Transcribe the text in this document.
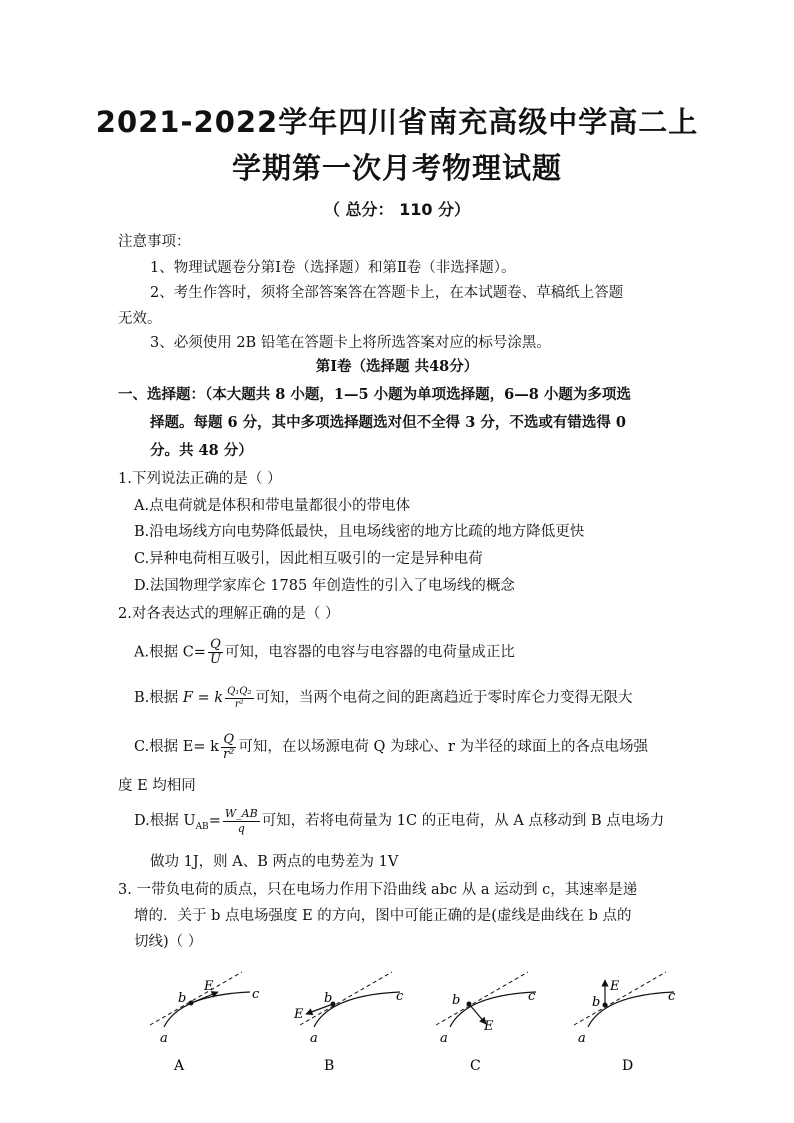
2021-2022学年四川省南充高级中学高二上
学期第一次月考物理试题
（ 总分： 110 分）
注意事项：
1、物理试题卷分第Ⅰ卷（选择题）和第Ⅱ卷（非选择题）。
2、考生作答时，须将全部答案答在答题卡上，在本试题卷、草稿纸上答题
无效。
3、必须使用 2B 铅笔在答题卡上将所选答案对应的标号涂黑。
第Ⅰ卷（选择题 共48分）
一、选择题：（本大题共 8 小题，1—5 小题为单项选择题，6—8 小题为多项选
择题。每题 6 分，其中多项选择题选对但不全得 3 分，不选或有错选得 0
分。共 48 分）
1.下列说法正确的是（ ）
A.点电荷就是体积和带电量都很小的带电体
B.沿电场线方向电势降低最快，且电场线密的地方比疏的地方降低更快
C.异种电荷相互吸引，因此相互吸引的一定是异种电荷
D.法国物理学家库仑 1785 年创造性的引入了电场线的概念
2.对各表达式的理解正确的是（ ）
A.根据 $C= \frac{Q}{U}$ 可知，电容器的电容与电容器的电荷量成正比
B.根据 F = k $\frac{\text{Q₁Q₂}}{\text{r²}}$ 可知，当两个电荷之间的距离趋近于零时库仑力变得无限大
C.根据 E= k $\frac{Q}{\text{r²}}$ 可知，在以场源电荷 Q 为球心、r 为半径的球面上的各点电场强
度 E 均相同
D.根据 $U_{AB}= \frac{W\_AB}{q}$ 可知，若将电荷量为 1C 的正电荷，从 A 点移动到 B 点电场力
做功 1J，则 A、B 两点的电势差为 1V
3. 一带负电荷的质点，只在电场力作用下沿曲线 abc 从 a 运动到 c，其速率是递
增的．关于 b 点电场强度 E 的方向，图中可能正确的是(虚线是曲线在 b 点的
切线)（ ）
a
b	c
E
A
a
b	c
E
B
a
b	c
E
C
a
b	c
E
D
